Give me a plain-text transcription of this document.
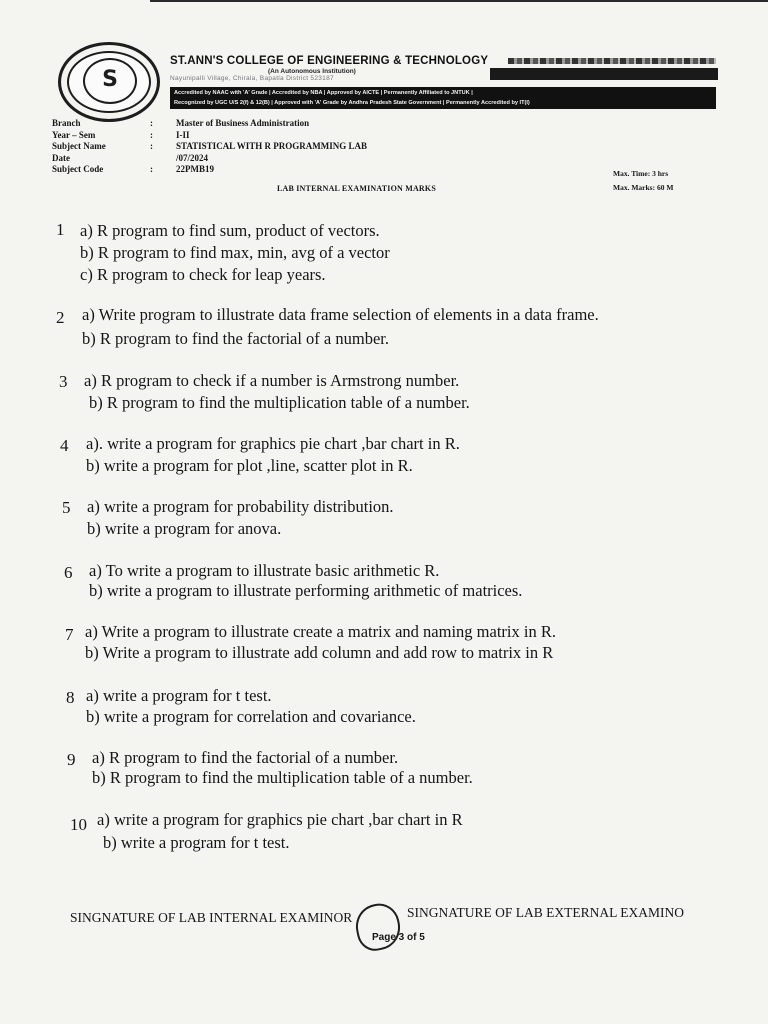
S
ST.ANN'S COLLEGE OF ENGINEERING & TECHNOLOGY
(An Autonomous Institution)
Nayunipalli Village, Chirala, Bapatla District 523187
Accredited by NAAC with 'A' Grade | Accredited by NBA | Approved by AICTE | Permanently Affiliated to JNTUK |
Recognized by UGC U/S 2(f) & 12(B) | Approved with 'A' Grade by Andhra Pradesh State Government | Permanently Accredited by IT(I)
Branch	:	Master of Business Administration
Year – Sem	:	I-II
Subject Name	:	STATISTICAL WITH R PROGRAMMING LAB
Date	/07/2024
Subject Code	:	22PMB19	Max. Time: 3 hrs
Max. Marks: 60 M
LAB INTERNAL EXAMINATION MARKS
1 a) R program to find sum, product of vectors.
b) R program to find max, min, avg of a vector
c) R program to check for leap years.
2 a) Write program to illustrate data frame selection of elements in a data frame.
b) R program to find the factorial of a number.
3 a) R program to check if a number is Armstrong number.
b) R program to find the multiplication table of a number.
4 a). write a program for graphics pie chart ,bar chart in R.
b) write a program for plot ,line, scatter plot in R.
5 a) write a program for probability distribution.
b) write a program for anova.
6 a) To write a program to illustrate basic arithmetic R.
b) write a program to illustrate performing arithmetic of matrices.
7 a) Write a program to illustrate create a matrix and naming matrix in R.
b) Write a program to illustrate add column and add row to matrix in R
8 a) write a program for t test.
b) write a program for correlation and covariance.
9 a) R program to find the factorial of a number.
b) R program to find the multiplication table of a number.
10 a) write a program for graphics pie chart ,bar chart in R
b) write a program for t test.
SINGNATURE OF LAB INTERNAL EXAMINOR	SINGNATURE OF LAB EXTERNAL EXAMINO
Page 3 of 5
